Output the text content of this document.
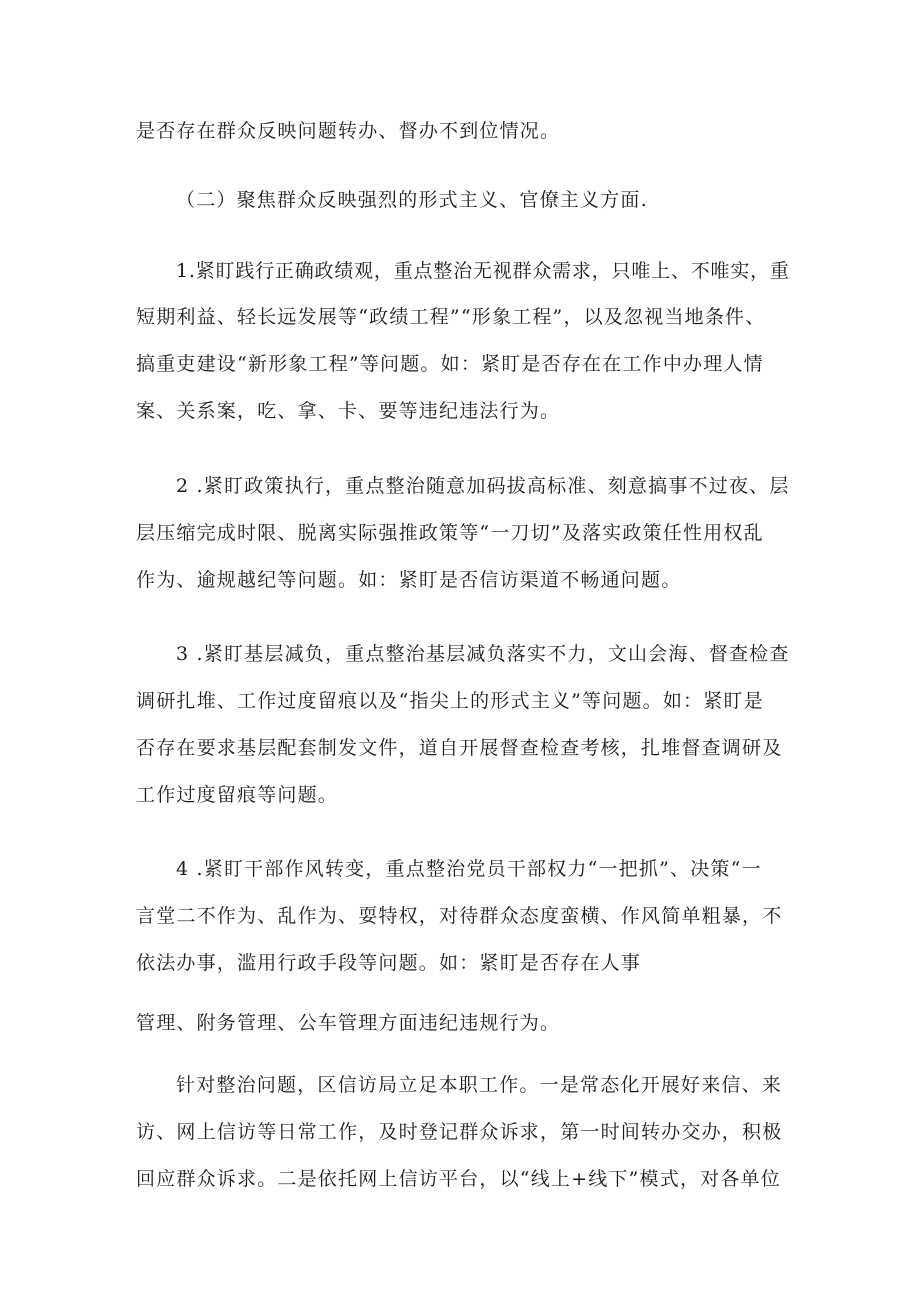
是否存在群众反映问题转办、督办不到位情况。
（二）聚焦群众反映强烈的形式主义、官僚主义方面.
1.紧盯践行正确政绩观，重点整治无视群众需求，只唯上、不唯实，重
短期利益、轻长远发展等“政绩工程”“形象工程”，以及忽视当地条件、
搞重吏建设“新形象工程”等问题。如：紧盯是否存在在工作中办理人情
案、关系案，吃、拿、卡、要等违纪违法行为。
2 .紧盯政策执行，重点整治随意加码拔高标准、刻意搞事不过夜、层
层压缩完成时限、脱离实际强推政策等“一刀切”及落实政策任性用权乱
作为、逾规越纪等问题。如：紧盯是否信访渠道不畅通问题。
3 .紧盯基层减负，重点整治基层减负落实不力，文山会海、督查检查
调研扎堆、工作过度留痕以及“指尖上的形式主义”等问题。如：紧盯是
否存在要求基层配套制发文件，道自开展督查检查考核，扎堆督查调研及
工作过度留痕等问题。
4 .紧盯干部作风转变，重点整治党员干部权力“一把抓”、决策“一
言堂二不作为、乱作为、耍特权，对待群众态度蛮横、作风简单粗暴，不
依法办事，滥用行政手段等问题。如：紧盯是否存在人事
管理、附务管理、公车管理方面违纪违规行为。
针对整治问题，区信访局立足本职工作。一是常态化开展好来信、来
访、网上信访等日常工作，及时登记群众诉求，第一时间转办交办，积极
回应群众诉求。二是依托网上信访平台，以“线上+线下”模式，对各单位
